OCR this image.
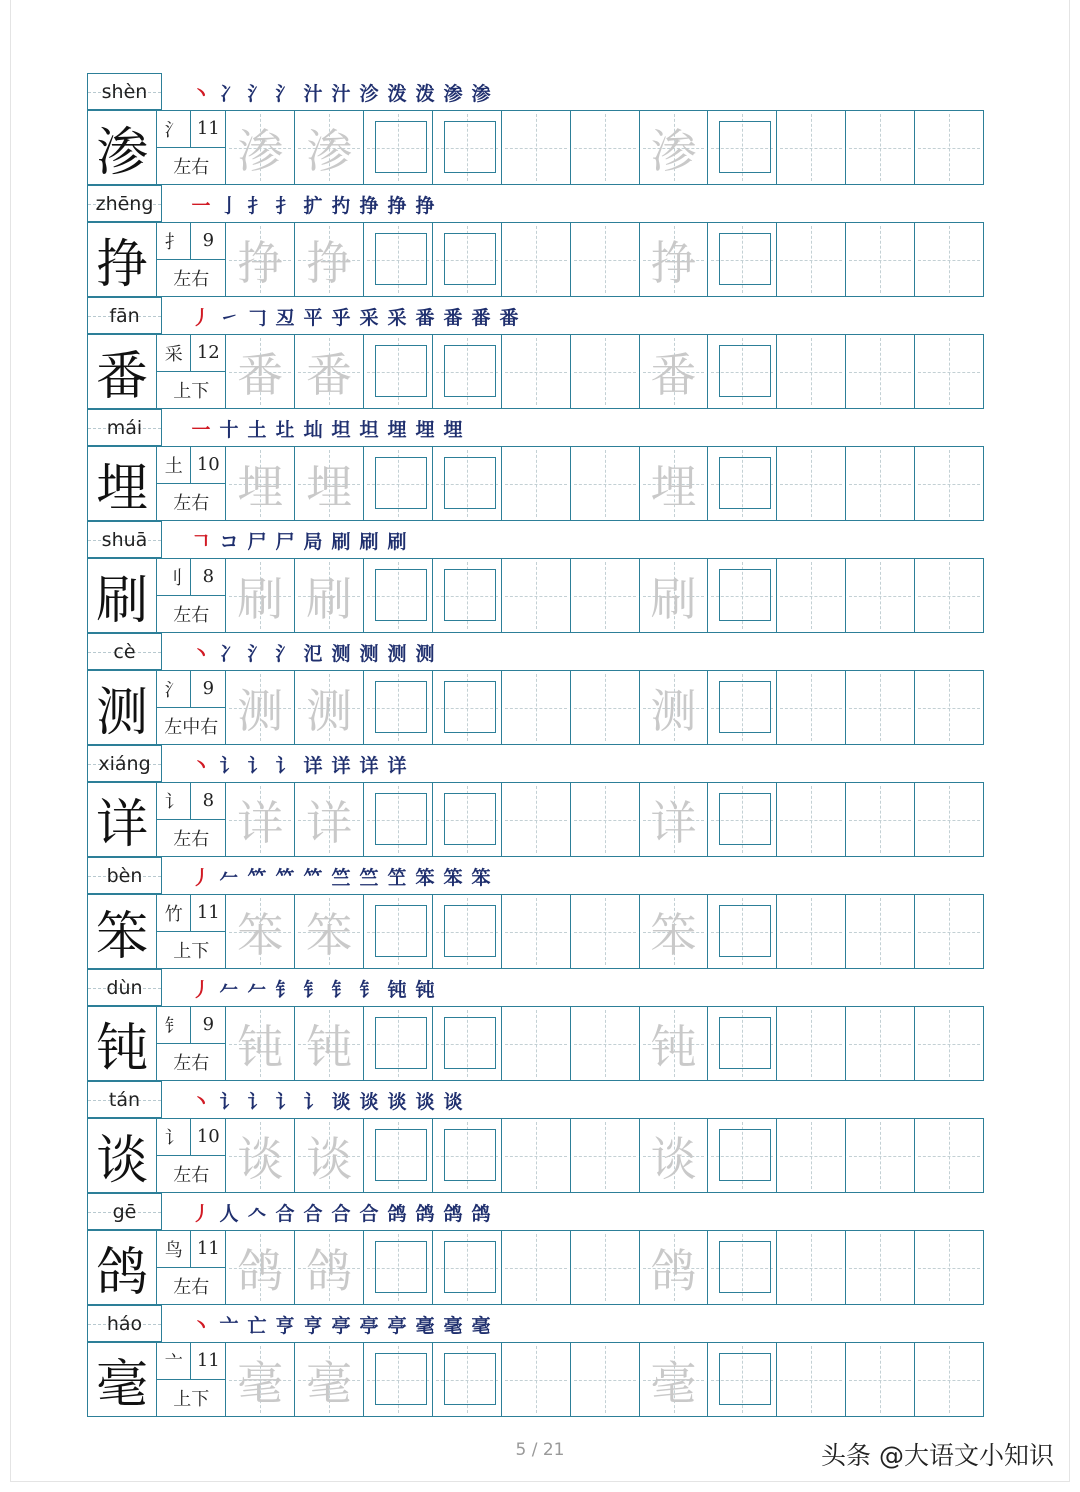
shèn 丶 冫 氵 氵 汁 汁 沴 泼 泼 渗 渗
渗 氵 11
左右 渗 渗	渗
zhēng 一 亅 扌 扌 扩 扚 挣 挣 挣
挣 扌	9
左右 挣 挣	挣
fān	丿 ㇀ 𠃌 丒 平 乎 采 采 番 番 番 番
番 采 12
上下 番 番	番
mái	一 十 土 圵 圸 坦 坦 埋 埋 埋
埋 土 10
左右 埋 埋	埋
shuā 𠃍 コ 尸 尸 局 刷 刷 刷
刷 刂	8
左右 刷 刷	刷
cè	丶 冫 氵 氵 氾 测 测 测 测
测 氵	9
左中右 测 测	测
xiáng 丶 讠 讠 讠 详 详 详 详
详 讠	8
左右 详 详	详
bèn	丿 𠂉 𥫗 𥫗 𥫗 竺 竺 笁 笨 笨 笨
笨 竹 11
上下 笨 笨	笨
dùn	丿 𠂉 𠂉 钅 钅 钅 钅 钝 钝
钝 钅	9
左右 钝 钝	钝
tán	丶 讠 讠 讠 讠 谈 谈 谈 谈 谈
谈 讠 10
左右 谈 谈	谈
gē	丿 人 𠆢 合 合 合 合 鸽 鸽 鸽 鸽
鸽 鸟 11
左右 鸽 鸽	鸽
háo	丶 亠 亡 亨 亨 亭 亭 亭 毫 毫 毫
毫 亠 11
上下 毫 毫	毫
5 / 21	头条 @大语文小知识
